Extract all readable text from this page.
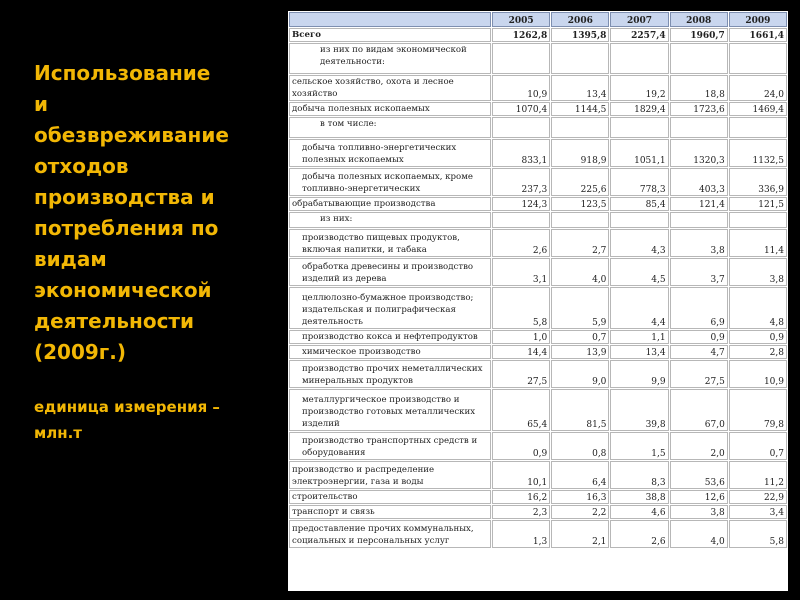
Использование
и
обезвреживание
отходов
производства и
потребления по
видам
экономической
деятельности
(2009г.)
единица измерения –
млн.т
	2005	2006	2007	2008	2009
Всего	1262,8	1395,8	2257,4	1960,7	1661,4
из них по видам экономической деятельности:					
сельское хозяйство, охота и лесное хозяйство	10,9	13,4	19,2	18,8	24,0
добыча полезных ископаемых	1070,4	1144,5	1829,4	1723,6	1469,4
в том числе:					
добыча топливно-энергетических полезных ископаемых	833,1	918,9	1051,1	1320,3	1132,5
добыча полезных ископаемых, кроме топливно-энергетических	237,3	225,6	778,3	403,3	336,9
обрабатывающие производства	124,3	123,5	85,4	121,4	121,5
из них:					
производство пищевых продуктов, включая напитки, и табака	2,6	2,7	4,3	3,8	11,4
обработка древесины и производство изделий из дерева	3,1	4,0	4,5	3,7	3,8
целлюлозно-бумажное производство; издательская и полиграфическая деятельность	5,8	5,9	4,4	6,9	4,8
производство кокса и нефтепродуктов	1,0	0,7	1,1	0,9	0,9
химическое производство	14,4	13,9	13,4	4,7	2,8
производство прочих неметаллических минеральных продуктов	27,5	9,0	9,9	27,5	10,9
металлургическое производство и производство готовых металлических изделий	65,4	81,5	39,8	67,0	79,8
производство транспортных средств и оборудования	0,9	0,8	1,5	2,0	0,7
производство и распределение электроэнергии, газа и воды	10,1	6,4	8,3	53,6	11,2
строительство	16,2	16,3	38,8	12,6	22,9
транспорт и связь	2,3	2,2	4,6	3,8	3,4
предоставление прочих коммунальных, социальных и персональных услуг	1,3	2,1	2,6	4,0	5,8
